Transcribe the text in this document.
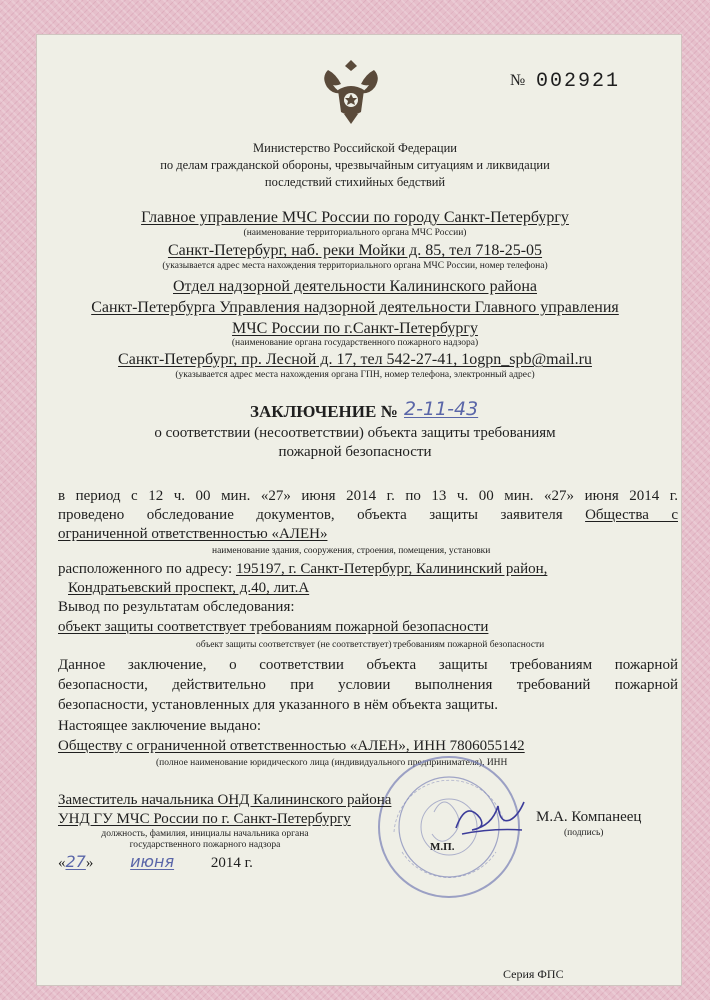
№ 002921
Министерство Российской Федерации
по делам гражданской обороны, чрезвычайным ситуациям и ликвидации
последствий стихийных бедствий
Главное управление МЧС России по городу Санкт-Петербургу
(наименование территориального органа МЧС России)
Санкт-Петербург, наб. реки Мойки д. 85, тел 718-25-05
(указывается адрес места нахождения территориального органа МЧС России, номер телефона)
Отдел надзорной деятельности Калининского района
Санкт-Петербурга Управления надзорной деятельности Главного управления
МЧС России по г.Санкт-Петербургу
(наименование органа государственного пожарного надзора)
Санкт-Петербург, пр. Лесной д. 17, тел 542-27-41, 1ogpn_spb@mail.ru
(указывается адрес места нахождения органа ГПН, номер телефона, электронный адрес)
ЗАКЛЮЧЕНИЕ № 2-11-43
о соответствии (несоответствии) объекта защиты требованиям
пожарной безопасности
в период с 12 ч. 00 мин. «27» июня 2014 г. по 13 ч. 00 мин. «27» июня 2014 г.
проведено обследование документов, объекта защиты заявителя Общества с
ограниченной ответственностью «АЛЕН»
наименование здания, сооружения, строения, помещения, установки
расположенного по адресу: 195197, г. Санкт-Петербург, Калининский район,
Кондратьевский проспект, д.40, лит.А
Вывод по результатам обследования:
объект защиты соответствует требованиям пожарной безопасности
объект защиты соответствует (не соответствует) требованиям пожарной безопасности
Данное заключение, о соответствии объекта защиты требованиям пожарной
безопасности, действительно при условии выполнения требований пожарной
безопасности, установленных для указанного в нём объекта защиты.
Настоящее заключение выдано:
Обществу с ограниченной ответственностью «АЛЕН», ИНН 7806055142
(полное наименование юридического лица (индивидуального предпринимателя), ИНН
Заместитель начальника ОНД Калининского района
УНД ГУ МЧС России по г. Санкт-Петербургу
должность, фамилия, инициалы начальника органа
государственного пожарного надзора	М.П.
М.А. Компанеец
(подпись)
«27» июня 2014 г.
Серия ФПС
